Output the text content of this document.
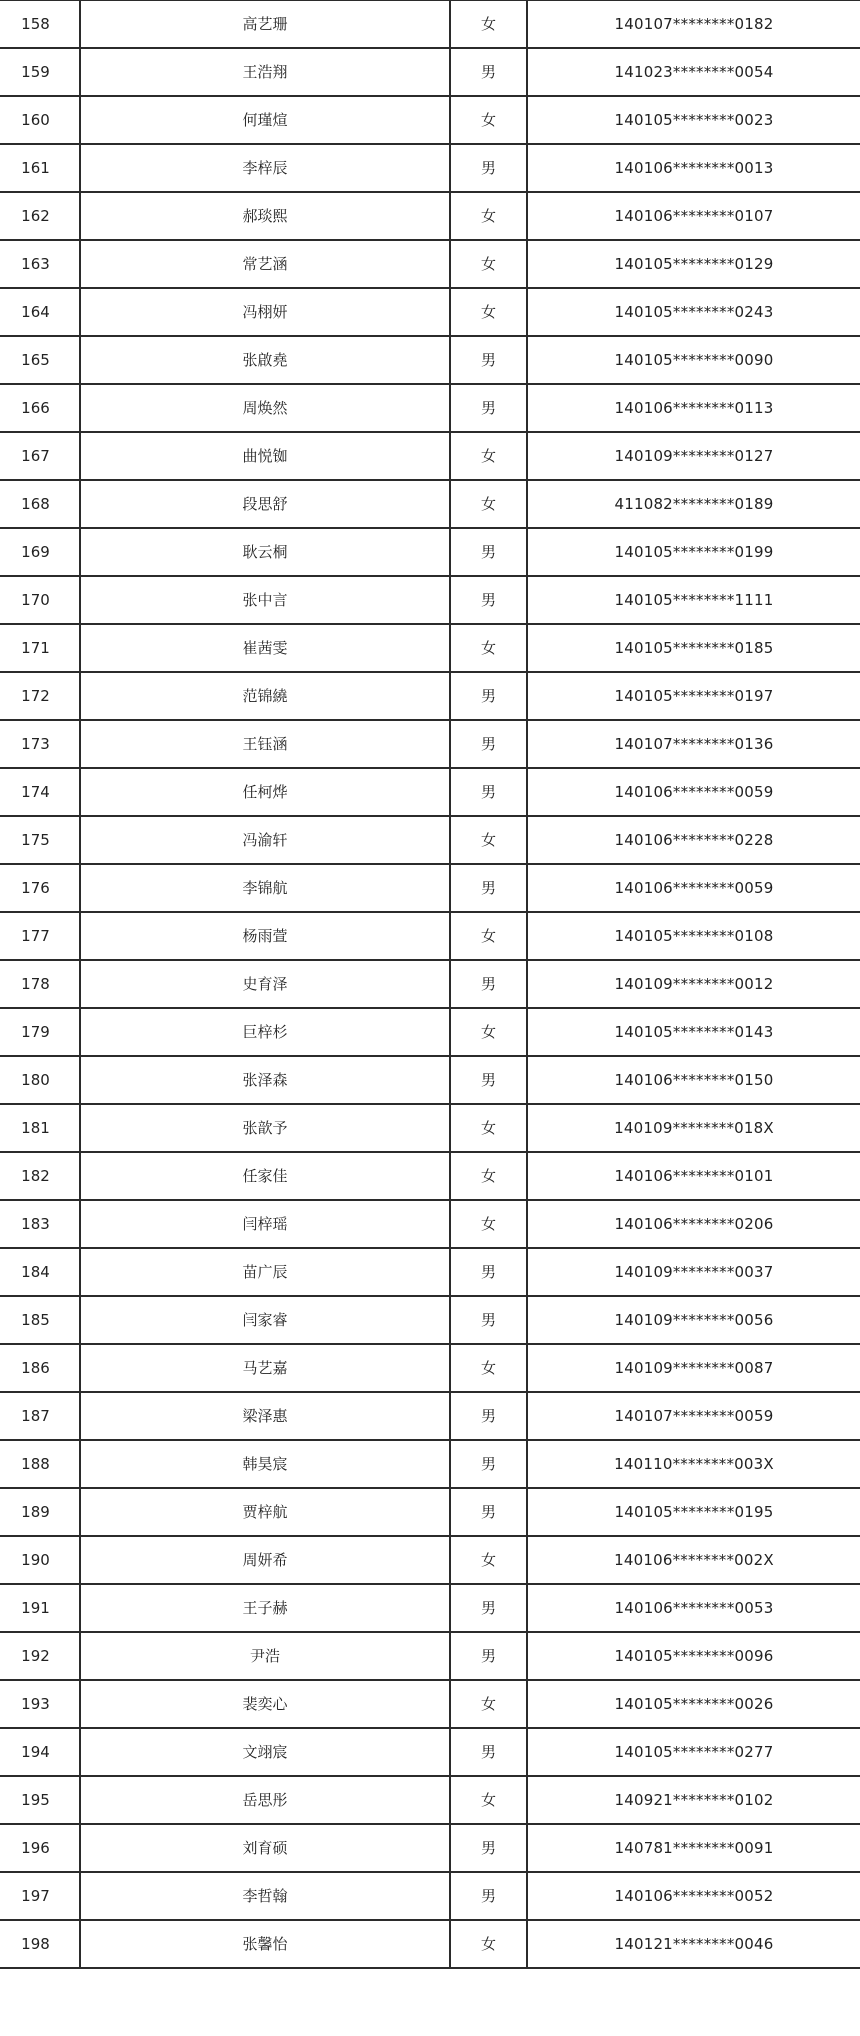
158	高艺珊	女	140107********0182
159	王浩翔	男	141023********0054
160	何瑾煊	女	140105********0023
161	李梓辰	男	140106********0013
162	郝琰熙	女	140106********0107
163	常艺涵	女	140105********0129
164	冯栩妍	女	140105********0243
165	张啟堯	男	140105********0090
166	周焕然	男	140106********0113
167	曲悦铷	女	140109********0127
168	段思舒	女	411082********0189
169	耿云桐	男	140105********0199
170	张中言	男	140105********1111
171	崔茜雯	女	140105********0185
172	范锦繞	男	140105********0197
173	王钰涵	男	140107********0136
174	任柯烨	男	140106********0059
175	冯渝轩	女	140106********0228
176	李锦航	男	140106********0059
177	杨雨萱	女	140105********0108
178	史育泽	男	140109********0012
179	巨梓杉	女	140105********0143
180	张泽森	男	140106********0150
181	张歆予	女	140109********018X
182	任家佳	女	140106********0101
183	闫梓瑶	女	140106********0206
184	苗广辰	男	140109********0037
185	闫家睿	男	140109********0056
186	马艺嘉	女	140109********0087
187	梁泽惠	男	140107********0059
188	韩昊宸	男	140110********003X
189	贾梓航	男	140105********0195
190	周妍希	女	140106********002X
191	王子赫	男	140106********0053
192	尹浩	男	140105********0096
193	裴奕心	女	140105********0026
194	文翊宸	男	140105********0277
195	岳思彤	女	140921********0102
196	刘育硕	男	140781********0091
197	李哲翰	男	140106********0052
198	张馨怡	女	140121********0046
